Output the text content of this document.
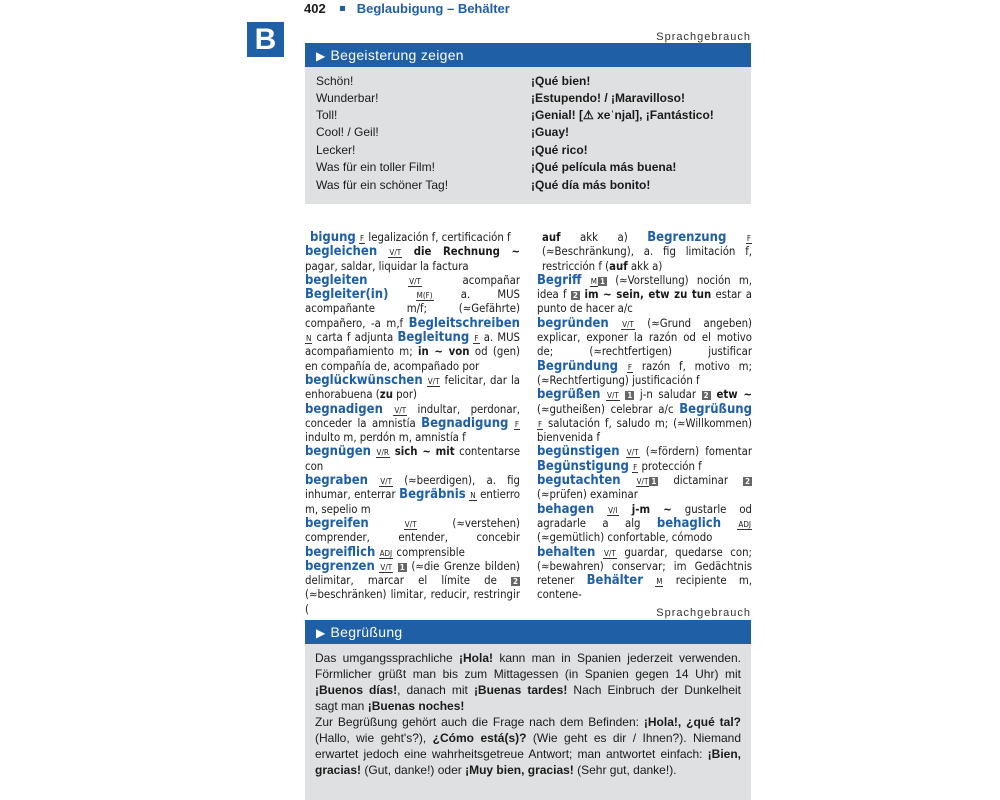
402 Beglaubigung – Behälter
B	Sprachgebrauch
▶ Begeisterung zeigen
Schön!	¡Qué bien!
Wunderbar!	¡Estupendo! / ¡Maravilloso!
Toll!	¡Genial! [⚠ xeˈnjal], ¡Fantástico!
Cool! / Geil!	¡Guay!
Lecker!	¡Qué rico!
Was für ein toller Film!	¡Qué película más buena!
Was für ein schöner Tag!	¡Qué día más bonito!

bigung F legalización f, certificación f

begleichen V/T die Rechnung ~ pagar, saldar, liquidar la factura

begleiten	V/T acompañar Begleiter(in)	M(F) a. MUS acompañante m/f; (≈Gefährte) compañero, -a m,f Begleitschreiben N carta f adjunta Begleitung F a. MUS acompañamiento m; in ~ von od (gen) en compañía de, acompañado por

beglückwünschen V/T felicitar, dar la enhorabuena (zu por)

begnadigen V/T indultar, perdonar, conceder la amnistía Begnadigung F indulto m, perdón m, amnistía f

begnügen V/R sich ~ mit contentarse con

begraben V/T (≈beerdigen), a. fig inhumar, enterrar Begräbnis N entierro m, sepelio m

begreifen	V/T (≈verstehen) comprender, entender, concebir begreiflich ADJ comprensible

begrenzen V/T 1 (≈die Grenze bilden) delimitar, marcar el límite de 2 (≈beschränken) limitar, reducir, restringir (

auf akk a) Begrenzung	F (≈Beschränkung), a. fig limitación f, restricción f (auf akk a)

Begriff M 1 (≈Vorstellung) noción m, idea f 2 im ~ sein, etw zu tun estar a punto de hacer a/c

begründen V/T (≈Grund angeben) explicar, exponer la razón od el motivo de; (≈rechtfertigen) justificar Begründung F razón f, motivo m; (≈Rechtfertigung) justificación f

begrüßen V/T 1 j-n saludar 2 etw ~ (≈gutheißen) celebrar a/c Begrüßung F salutación f, saludo m; (≈Willkommen) bienvenida f

begünstigen V/T (≈fördern) fomentar Begünstigung F protección f

begutachten V/T 1 dictaminar 2 (≈prüfen) examinar

behagen V/I j-m ~ gustarle od agradarle a alg behaglich ADJ (≈gemütlich) confortable, cómodo

behalten V/T guardar, quedarse con; (≈bewahren) conservar; im Gedächtnis retener Behälter M recipiente m, contene-

Sprachgebrauch
▶ Begrüßung
Das umgangssprachliche ¡Hola! kann man in Spanien jederzeit verwenden. Förmlicher grüßt man bis zum Mittagessen (in Spanien gegen 14 Uhr) mit ¡Buenos días!, danach mit ¡Buenas tardes! Nach Einbruch der Dunkelheit sagt man ¡Buenas noches!
Zur Begrüßung gehört auch die Frage nach dem Befinden: ¡Hola!, ¿qué tal? (Hallo, wie geht's?), ¿Cómo está(s)? (Wie geht es dir / Ihnen?). Niemand erwartet jedoch eine wahrheitsgetreue Antwort; man antwortet einfach: ¡Bien, gracias! (Gut, danke!) oder ¡Muy bien, gracias! (Sehr gut, danke!).
